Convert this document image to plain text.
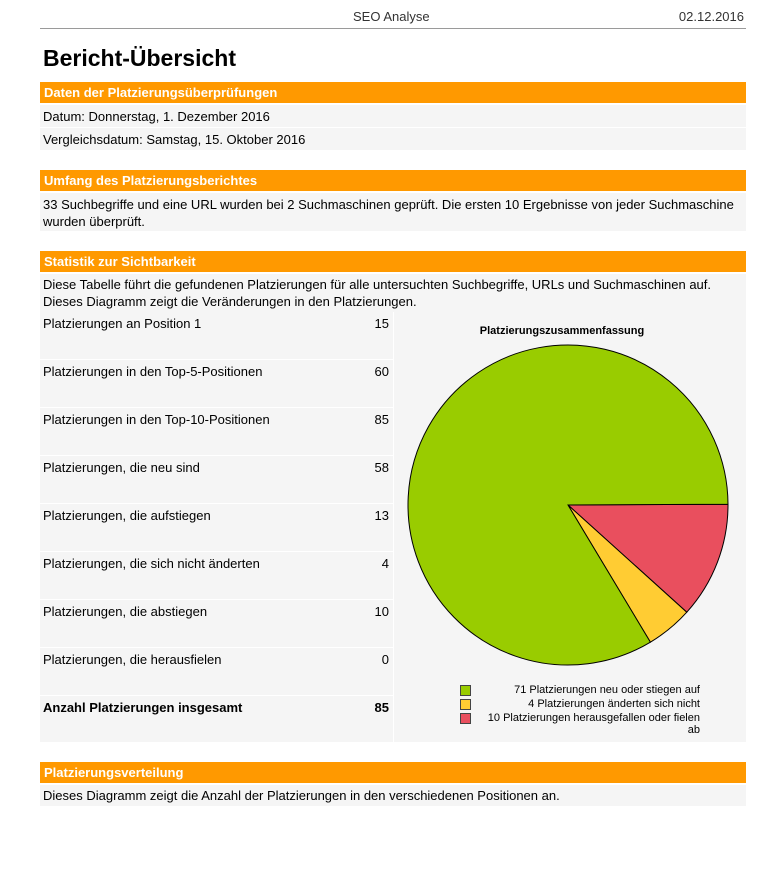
SEO Analyse	02.12.2016
Bericht-Übersicht
Daten der Platzierungsüberprüfungen
Datum: Donnerstag, 1. Dezember 2016
Vergleichsdatum: Samstag, 15. Oktober 2016
Umfang des Platzierungsberichtes
33 Suchbegriffe und eine URL wurden bei 2 Suchmaschinen geprüft. Die ersten 10 Ergebnisse von jeder Suchmaschine wurden überprüft.
Statistik zur Sichtbarkeit
Diese Tabelle führt die gefundenen Platzierungen für alle untersuchten Suchbegriffe, URLs und Suchmaschinen auf. Dieses Diagramm zeigt die Veränderungen in den Platzierungen.
Platzierungen an Position 1
Platzierungen in den Top-5-Positionen
Platzierungen in den Top-10-Positionen
Platzierungen, die neu sind
Platzierungen, die aufstiegen
Platzierungen, die sich nicht änderten
Platzierungen, die abstiegen
Platzierungen, die herausfielen
Anzahl Platzierungen insgesamt
15
60
85
58
13
4
10
0
85
Platzierungszusammenfassung
71 Platzierungen neu oder stiegen auf
4 Platzierungen änderten sich nicht
10 Platzierungen herausgefallen oder fielen ab
Platzierungsverteilung
Dieses Diagramm zeigt die Anzahl der Platzierungen in den verschiedenen Positionen an.
